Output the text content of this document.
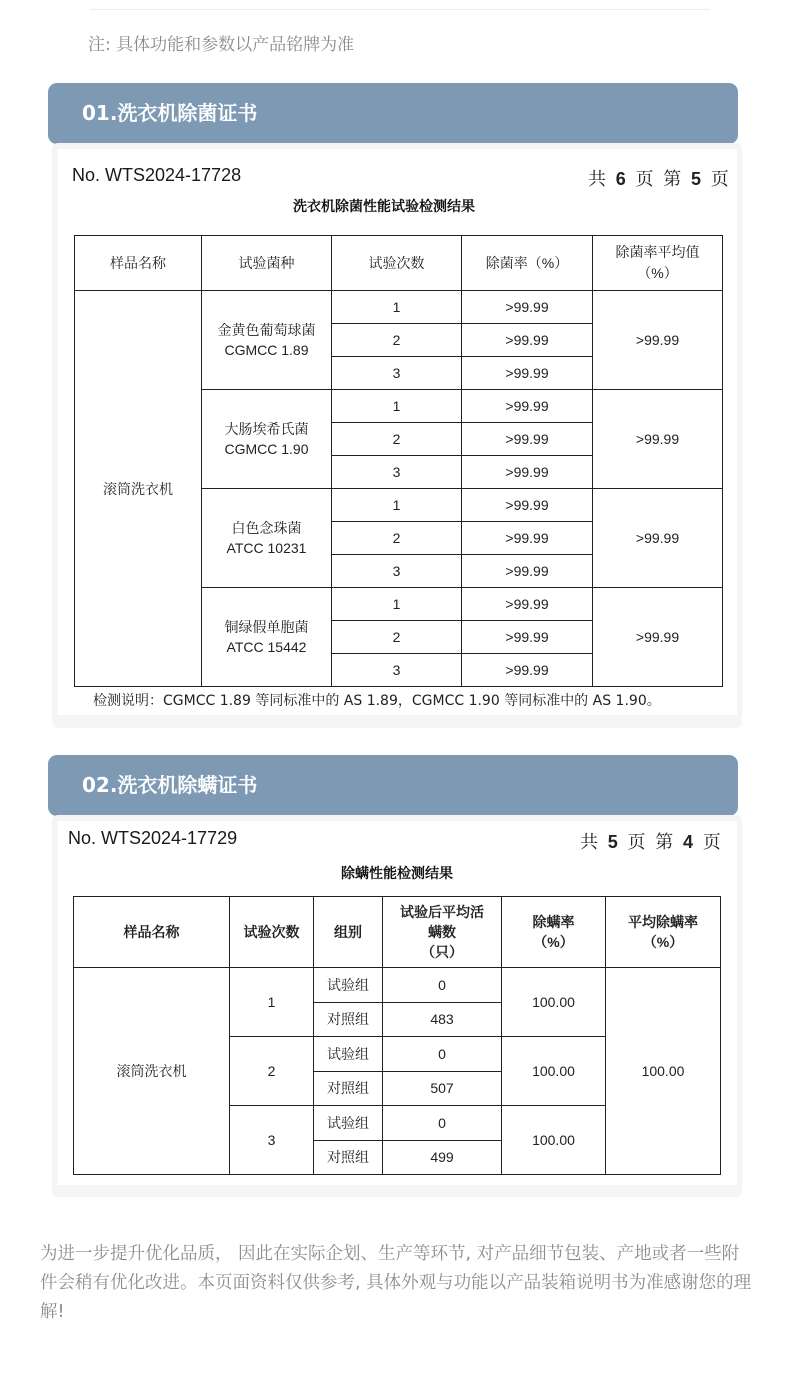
注: 具体功能和参数以产品铭牌为准
01.洗衣机除菌证书
No. WTS2024-17728	共 6 页 第 5 页
洗衣机除菌性能试验检测结果
样品名称	试验菌种	试验次数	除菌率（%）	除菌率平均值
（%）
滚筒洗衣机	金黄色葡萄球菌
CGMCC 1.89	1	>99.99	>99.99
		2	>99.99	
		3	>99.99	
	大肠埃希氏菌
CGMCC 1.90	1	>99.99	>99.99
		2	>99.99	
		3	>99.99	
	白色念珠菌
ATCC 10231	1	>99.99	>99.99
		2	>99.99	
		3	>99.99	
	铜绿假单胞菌
ATCC 15442	1	>99.99	>99.99
		2	>99.99	
		3	>99.99	
检测说明：CGMCC 1.89 等同标准中的 AS 1.89，CGMCC 1.90 等同标准中的 AS 1.90。
02.洗衣机除螨证书
No. WTS2024-17729	共 5 页 第 4 页
除螨性能检测结果
样品名称	试验次数	组别	试验后平均活
螨数
（只）	除螨率
（%）	平均除螨率
（%）
滚筒洗衣机	1	试验组	0	100.00	100.00
		对照组	483		
	2	试验组	0	100.00	
		对照组	507		
	3	试验组	0	100.00	
		对照组	499		
为进一步提升优化品质， 因此在实际企划、生产等环节, 对产品细节包装、产地或者一些附件会稍有优化改进。本页面资料仅供参考, 具体外观与功能以产品装箱说明书为准感谢您的理解!
